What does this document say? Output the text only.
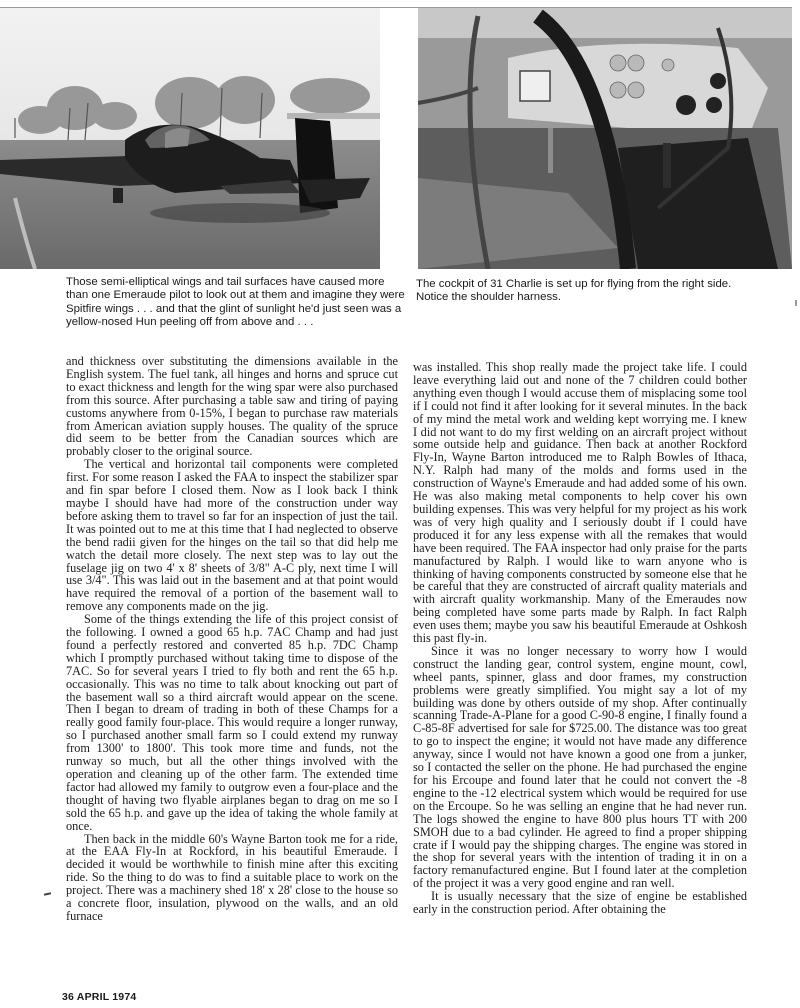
Those semi-elliptical wings and tail surfaces have caused more than one Emeraude pilot to look out at them and imagine they were Spitfire wings . . . and that the glint of sunlight he'd just seen was a yellow-nosed Hun peeling off from above and . . .
The cockpit of 31 Charlie is set up for flying from the right side. Notice the shoulder harness.

and thickness over substituting the dimensions available in the English system. The fuel tank, all hinges and horns and spruce cut to exact thickness and length for the wing spar were also purchased from this source. After purchasing a table saw and tiring of paying customs anywhere from 0-15%, I began to purchase raw materials from American aviation supply houses. The quality of the spruce did seem to be better from the Canadian sources which are probably closer to the original source.

The vertical and horizontal tail components were completed first. For some reason I asked the FAA to inspect the stabilizer spar and fin spar before I closed them. Now as I look back I think maybe I should have had more of the construction under way before asking them to travel so far for an inspection of just the tail. It was pointed out to me at this time that I had neglected to observe the bend radii given for the hinges on the tail so that did help me watch the detail more closely. The next step was to lay out the fuselage jig on two 4' x 8' sheets of 3/8" A-C ply, next time I will use 3/4". This was laid out in the basement and at that point would have required the removal of a portion of the basement wall to remove any components made on the jig.

Some of the things extending the life of this project consist of the following. I owned a good 65 h.p. 7AC Champ and had just found a perfectly restored and converted 85 h.p. 7DC Champ which I promptly purchased without taking time to dispose of the 7AC. So for several years I tried to fly both and rent the 65 h.p. occasionally. This was no time to talk about knocking out part of the basement wall so a third aircraft would appear on the scene. Then I began to dream of trading in both of these Champs for a really good family four-place. This would require a longer runway, so I purchased another small farm so I could extend my runway from 1300' to 1800'. This took more time and funds, not the runway so much, but all the other things involved with the operation and cleaning up of the other farm. The extended time factor had allowed my family to outgrow even a four-place and the thought of having two flyable airplanes began to drag on me so I sold the 65 h.p. and gave up the idea of taking the whole family at once.

Then back in the middle 60's Wayne Barton took me for a ride, at the EAA Fly-In at Rockford, in his beautiful Emeraude. I decided it would be worthwhile to finish mine after this exciting ride. So the thing to do was to find a suitable place to work on the project. There was a machinery shed 18' x 28' close to the house so a concrete floor, insulation, plywood on the walls, and an old furnace

was installed. This shop really made the project take life. I could leave everything laid out and none of the 7 children could bother anything even though I would accuse them of misplacing some tool if I could not find it after looking for it several minutes. In the back of my mind the metal work and welding kept worrying me. I knew I did not want to do my first welding on an aircraft project without some outside help and guidance. Then back at another Rockford Fly-In, Wayne Barton introduced me to Ralph Bowles of Ithaca, N.Y. Ralph had many of the molds and forms used in the construction of Wayne's Emeraude and had added some of his own. He was also making metal components to help cover his own building expenses. This was very helpful for my project as his work was of very high quality and I seriously doubt if I could have produced it for any less expense with all the remakes that would have been required. The FAA inspector had only praise for the parts manufactured by Ralph. I would like to warn anyone who is thinking of having components constructed by someone else that he be careful that they are constructed of aircraft quality materials and with aircraft quality workmanship. Many of the Emeraudes now being completed have some parts made by Ralph. In fact Ralph even uses them; maybe you saw his beautiful Emeraude at Oshkosh this past fly-in.

Since it was no longer necessary to worry how I would construct the landing gear, control system, engine mount, cowl, wheel pants, spinner, glass and door frames, my construction problems were greatly simplified. You might say a lot of my building was done by others outside of my shop. After continually scanning Trade-A-Plane for a good C-90-8 engine, I finally found a C-85-8F advertised for sale for $725.00. The distance was too great to go to inspect the engine; it would not have made any difference anyway, since I would not have known a good one from a junker, so I contacted the seller on the phone. He had purchased the engine for his Ercoupe and found later that he could not convert the -8 engine to the -12 electrical system which would be required for use on the Ercoupe. So he was selling an engine that he had never run. The logs showed the engine to have 800 plus hours TT with 200 SMOH due to a bad cylinder. He agreed to find a proper shipping crate if I would pay the shipping charges. The engine was stored in the shop for several years with the intention of trading it in on a factory remanufactured engine. But I found later at the completion of the project it was a very good engine and ran well.

It is usually necessary that the size of engine be established early in the construction period. After obtaining the

36 APRIL 1974
